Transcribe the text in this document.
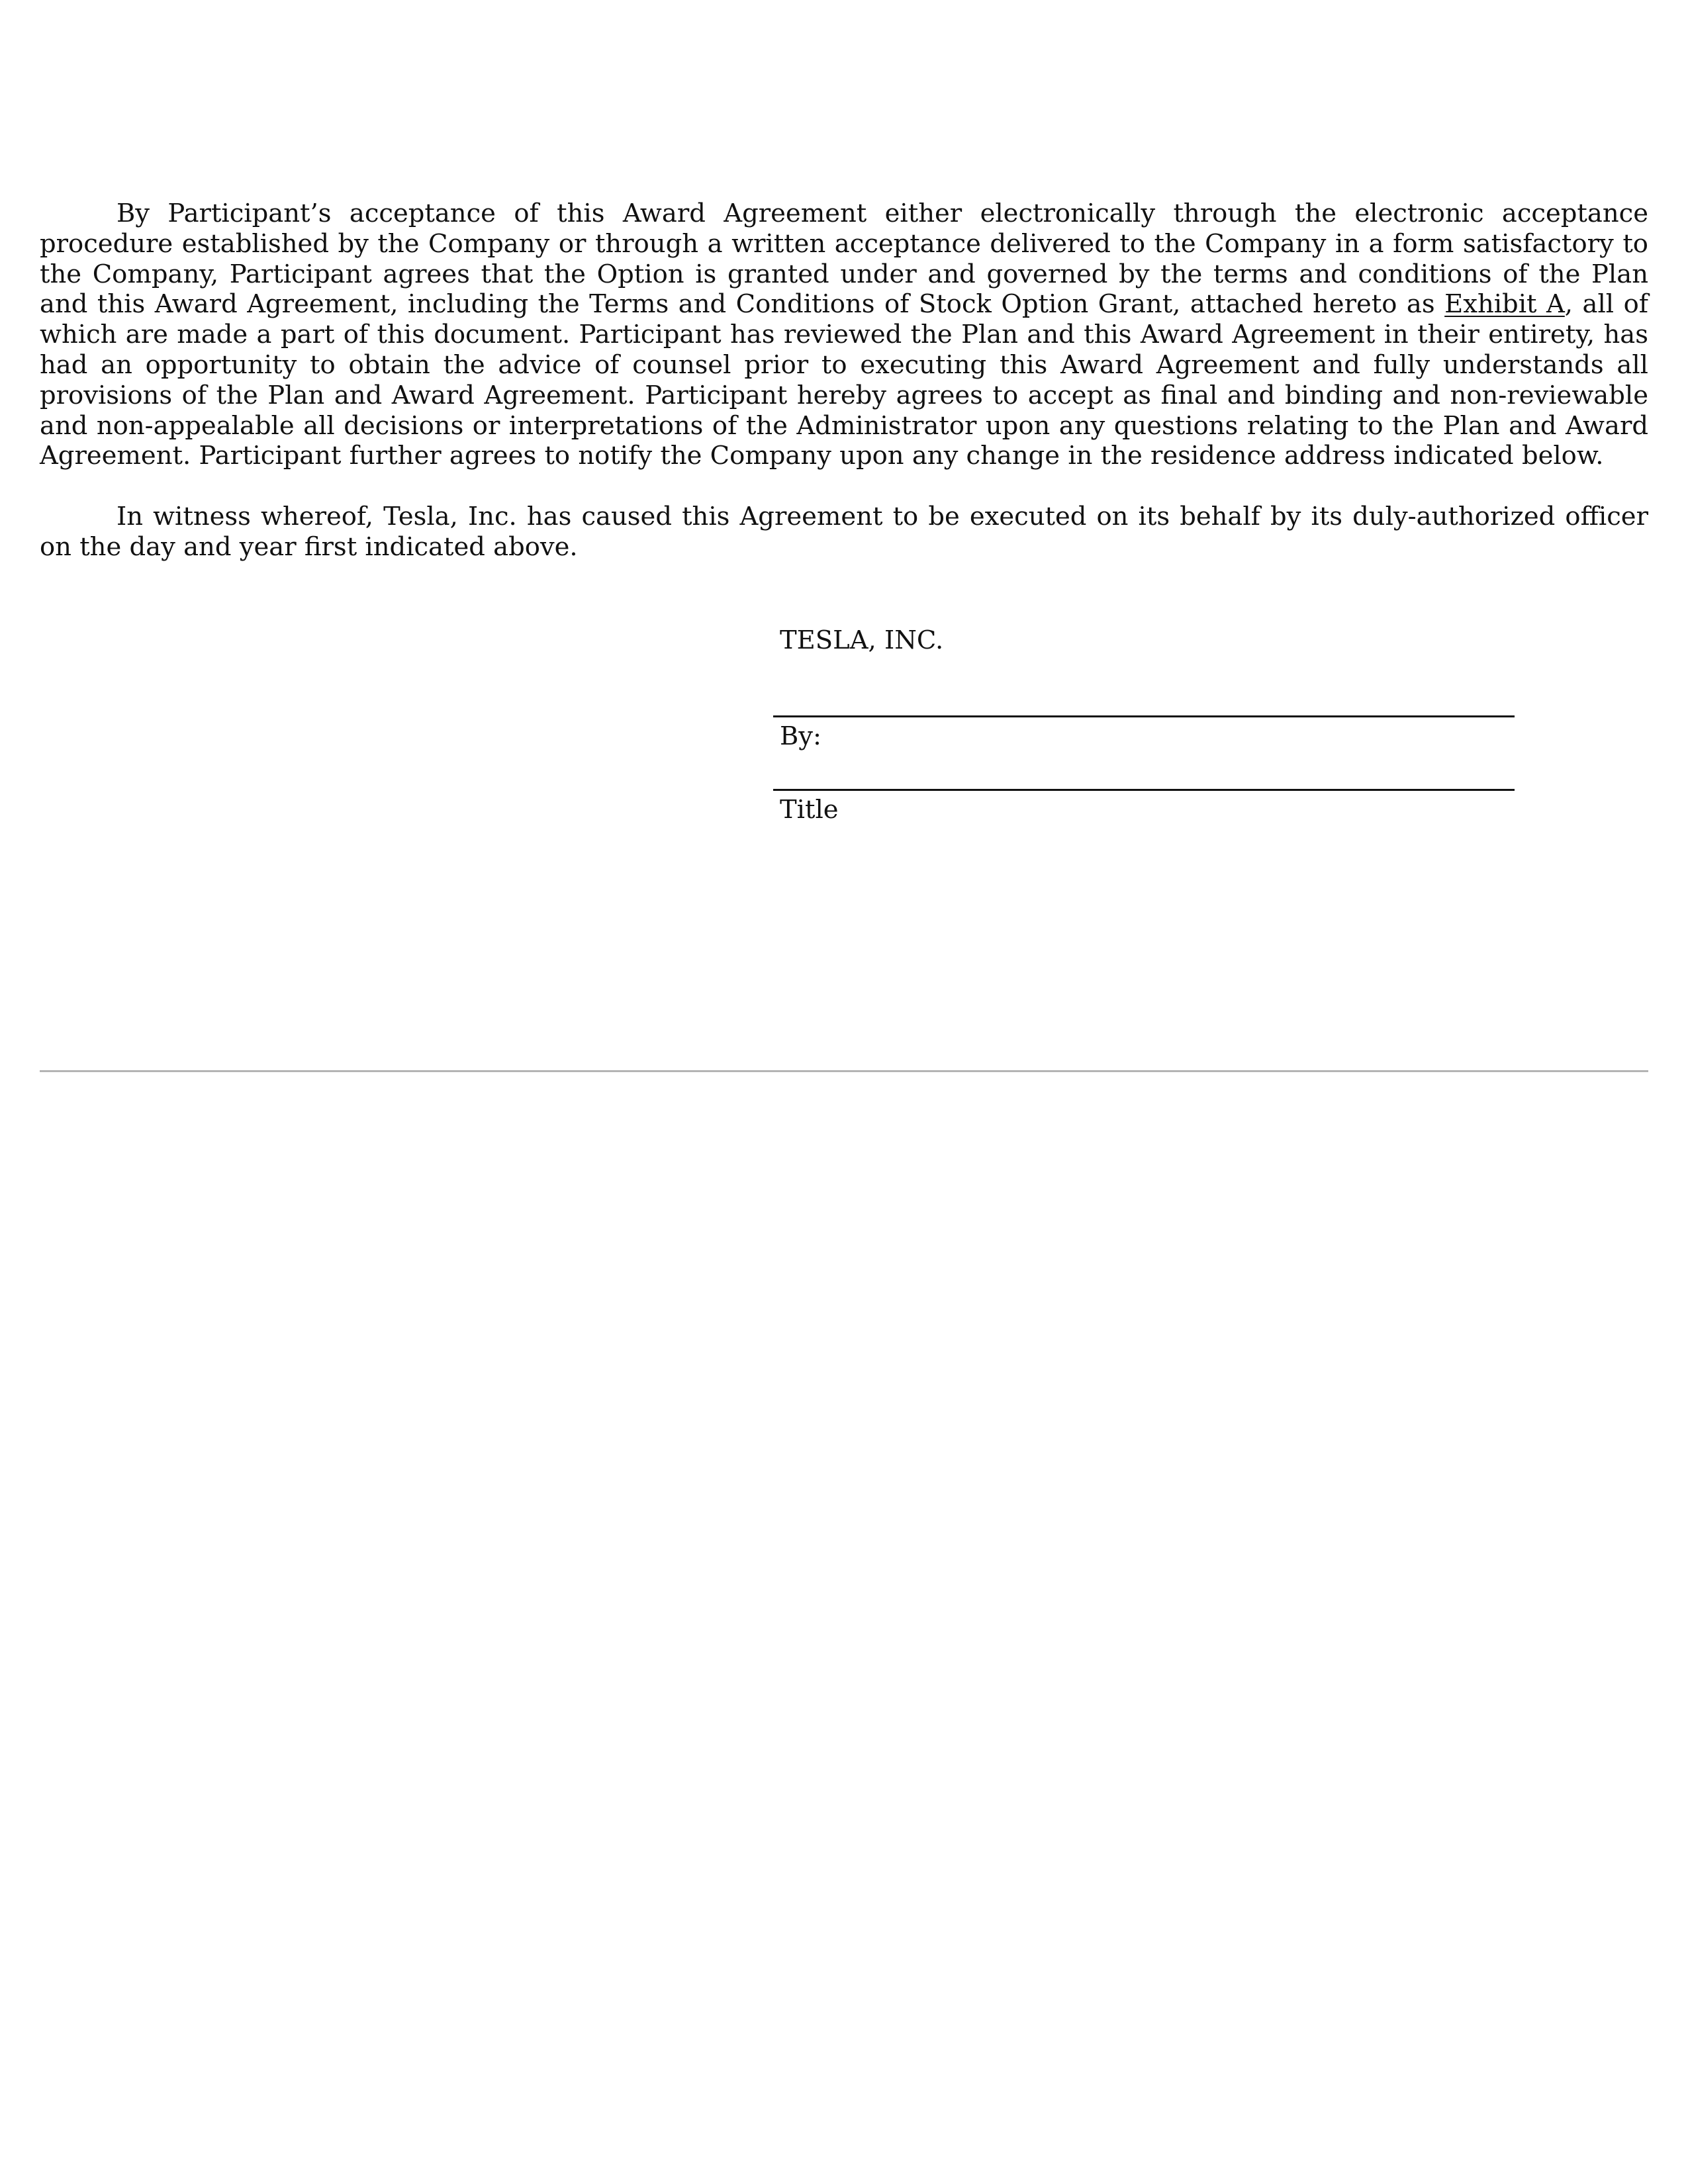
By Participant’s acceptance of this Award Agreement either electronically through the electronic acceptance procedure established by the Company or through a written acceptance delivered to the Company in a form satisfactory to the Company, Participant agrees that the Option is granted under and governed by the terms and conditions of the Plan and this Award Agreement, including the Terms and Conditions of Stock Option Grant, attached hereto as Exhibit A, all of which are made a part of this document. Participant has reviewed the Plan and this Award Agreement in their entirety, has had an opportunity to obtain the advice of counsel prior to executing this Award Agreement and fully understands all provisions of the Plan and Award Agreement. Participant hereby agrees to accept as final and binding and non-reviewable and non-appealable all decisions or interpretations of the Administrator upon any questions relating to the Plan and Award Agreement. Participant further agrees to notify the Company upon any change in the residence address indicated below.

In witness whereof, Tesla, Inc. has caused this Agreement to be executed on its behalf by its duly-authorized officer on the day and year first indicated above.

TESLA, INC.
By:
Title
